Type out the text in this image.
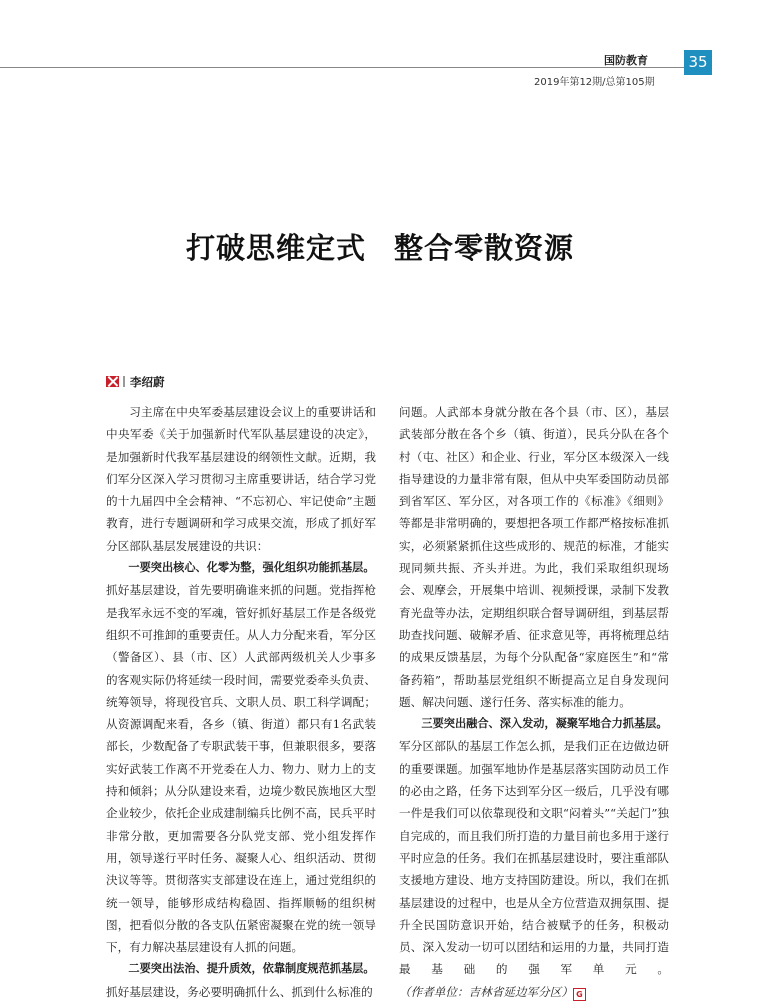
国防教育	35
2019年第12期/总第105期
打破思维定式 整合零散资源
李绍蔚

习主席在中央军委基层建设会议上的重要讲话和中央军委《关于加强新时代军队基层建设的决定》，是加强新时代我军基层建设的纲领性文献。近期，我们军分区深入学习贯彻习主席重要讲话，结合学习党的十九届四中全会精神、“不忘初心、牢记使命”主题教育，进行专题调研和学习成果交流，形成了抓好军分区部队基层发展建设的共识：

一要突出核心、化零为整，强化组织功能抓基层。

抓好基层建设，首先要明确谁来抓的问题。党指挥枪是我军永远不变的军魂，管好抓好基层工作是各级党组织不可推卸的重要责任。从人力分配来看，军分区（警备区）、县（市、区）人武部两级机关人少事多的客观实际仍将延续一段时间，需要党委牵头负责、统筹领导，将现役官兵、文职人员、职工科学调配；从资源调配来看，各乡（镇、街道）都只有1名武装部长，少数配备了专职武装干事，但兼职很多，要落实好武装工作离不开党委在人力、物力、财力上的支持和倾斜；从分队建设来看，边境少数民族地区大型企业较少，依托企业成建制编兵比例不高，民兵平时非常分散，更加需要各分队党支部、党小组发挥作用，领导遂行平时任务、凝聚人心、组织活动、贯彻決议等等。贯彻落实支部建设在连上，通过党组织的统一领导，能够形成结构稳固、指挥顺畅的组织树图，把看似分散的各支队伍紧密凝聚在党的统一领导下，有力解决基层建设有人抓的问题。

二要突出法治、提升质效，依靠制度规范抓基层。

抓好基层建设，务必要明确抓什么、抓到什么标准的

问题。人武部本身就分散在各个县（市、区），基层武装部分散在各个乡（镇、街道），民兵分队在各个村（屯、社区）和企业、行业，军分区本级深入一线指导建设的力量非常有限，但从中央军委国防动员部到省军区、军分区，对各项工作的《标准》《细则》等都是非常明确的，要想把各项工作都严格按标准抓实，必须紧紧抓住这些成形的、规范的标准，才能实现同频共振、齐头并进。为此，我们采取组织现场会、观摩会，开展集中培训、视频授课，录制下发教育光盘等办法，定期组织联合督导调研组，到基层帮助查找问题、破解矛盾、征求意见等，再将梳理总结的成果反馈基层，为每个分队配备“家庭医生”和“常备药箱”，帮助基层党组织不断提高立足自身发现问题、解决问题、遂行任务、落实标准的能力。

三要突出融合、深入发动，凝聚军地合力抓基层。

军分区部队的基层工作怎么抓，是我们正在边做边研的重要课题。加强军地协作是基层落实国防动员工作的必由之路，任务下达到军分区一级后，几乎没有哪一件是我们可以依靠现役和文职“闷着头”“关起门”独自完成的，而且我们所打造的力量目前也多用于遂行平时应急的任务。我们在抓基层建设时，要注重部队支援地方建设、地方支持国防建设。所以，我们在抓基层建设的过程中，也是从全方位营造双拥氛围、提升全民国防意识开始，结合被赋予的任务，积极动员、深入发动一切可以团结和运用的力量，共同打造最基础的强军单元。（作者单位：吉林省延边军分区） G
